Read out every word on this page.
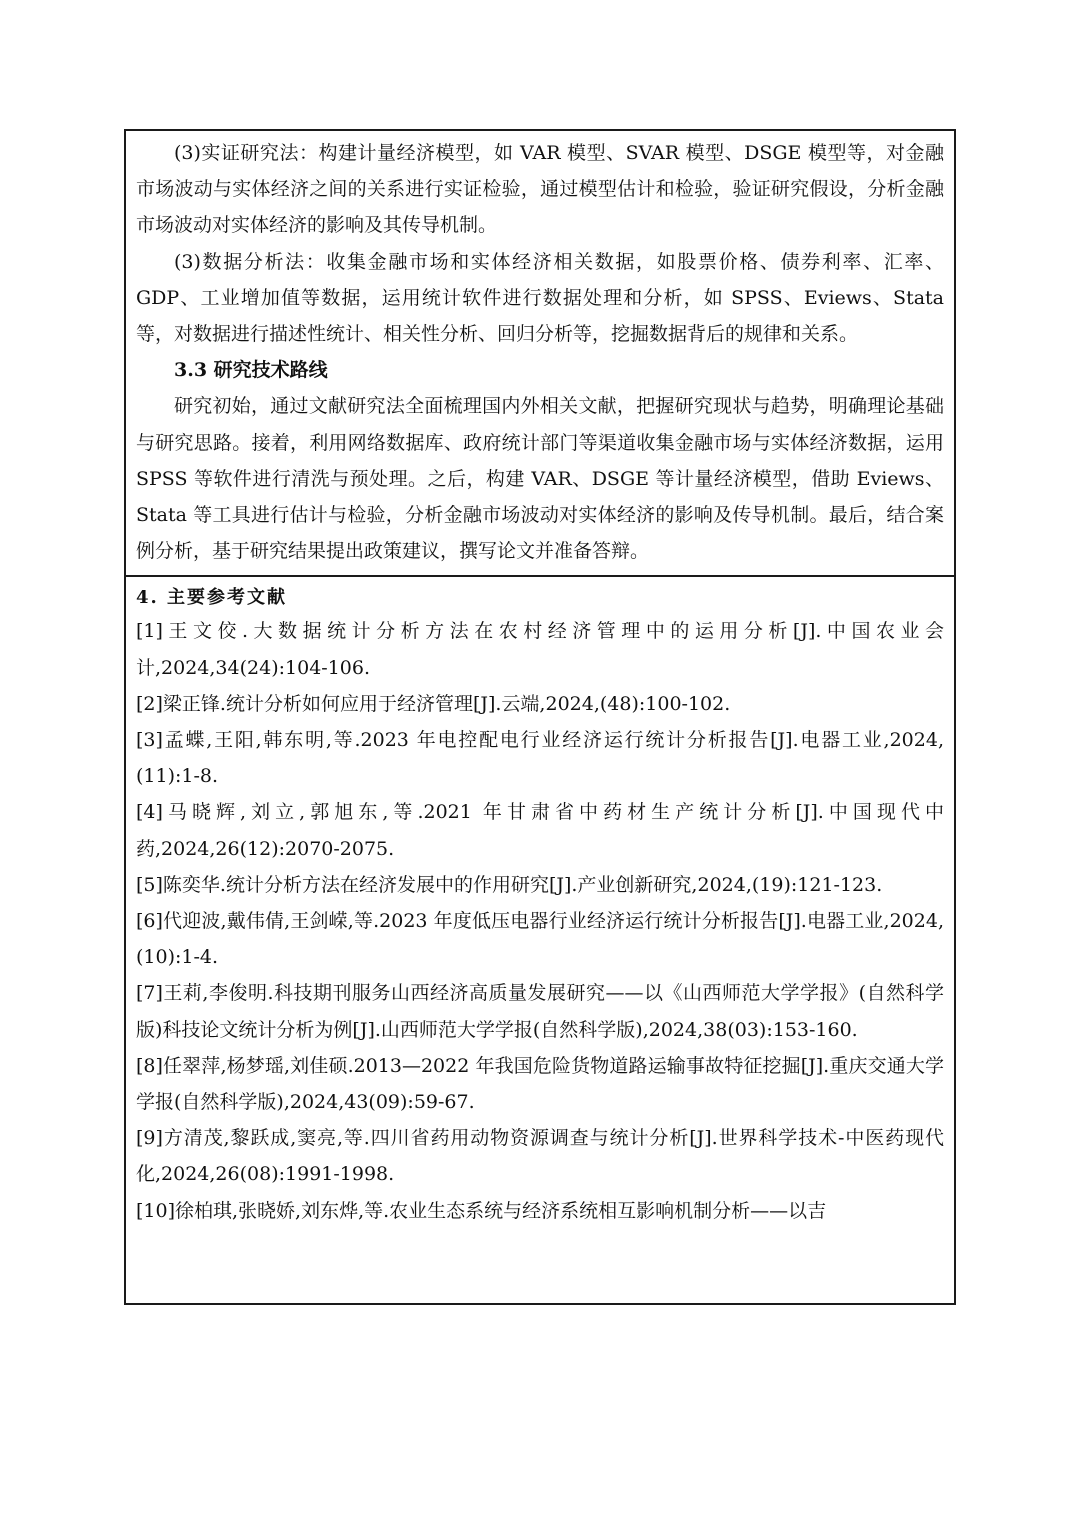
(3)实证研究法：构建计量经济模型，如 VAR 模型、SVAR 模型、DSGE 模型等，对金融市场波动与实体经济之间的关系进行实证检验，通过模型估计和检验，验证研究假设，分析金融市场波动对实体经济的影响及其传导机制。

(3)数据分析法：收集金融市场和实体经济相关数据，如股票价格、债券利率、汇率、GDP、工业增加值等数据，运用统计软件进行数据处理和分析，如 SPSS、Eviews、Stata 等，对数据进行描述性统计、相关性分析、回归分析等，挖掘数据背后的规律和关系。

3.3 研究技术路线

研究初始，通过文献研究法全面梳理国内外相关文献，把握研究现状与趋势，明确理论基础与研究思路。接着，利用网络数据库、政府统计部门等渠道收集金融市场与实体经济数据，运用 SPSS 等软件进行清洗与预处理。之后，构建 VAR、DSGE 等计量经济模型，借助 Eviews、Stata 等工具进行估计与检验，分析金融市场波动对实体经济的影响及传导机制。最后，结合案例分析，基于研究结果提出政策建议，撰写论文并准备答辩。

4. 主要参考文献

[1]王文佼.大数据统计分析方法在农村经济管理中的运用分析[J].中国农业会计,2024,34(24):104-106.

[2]梁正锋.统计分析如何应用于经济管理[J].云端,2024,(48):100-102.

[3]孟蝶,王阳,韩东明,等.2023 年电控配电行业经济运行统计分析报告[J].电器工业,2024,(11):1-8.

[4]马晓辉,刘立,郭旭东,等.2021 年甘肃省中药材生产统计分析[J].中国现代中药,2024,26(12):2070-2075.

[5]陈奕华.统计分析方法在经济发展中的作用研究[J].产业创新研究,2024,(19):121-123.

[6]代迎波,戴伟倩,王剑嵘,等.2023 年度低压电器行业经济运行统计分析报告[J].电器工业,2024,(10):1-4.

[7]王莉,李俊明.科技期刊服务山西经济高质量发展研究——以《山西师范大学学报》(自然科学版)科技论文统计分析为例[J].山西师范大学学报(自然科学版),2024,38(03):153-160.

[8]任翠萍,杨梦瑶,刘佳硕.2013—2022 年我国危险货物道路运输事故特征挖掘[J].重庆交通大学学报(自然科学版),2024,43(09):59-67.

[9]方清茂,黎跃成,窦亮,等.四川省药用动物资源调查与统计分析[J].世界科学技术-中医药现代化,2024,26(08):1991-1998.

[10]徐柏琪,张晓娇,刘东烨,等.农业生态系统与经济系统相互影响机制分析——以吉
